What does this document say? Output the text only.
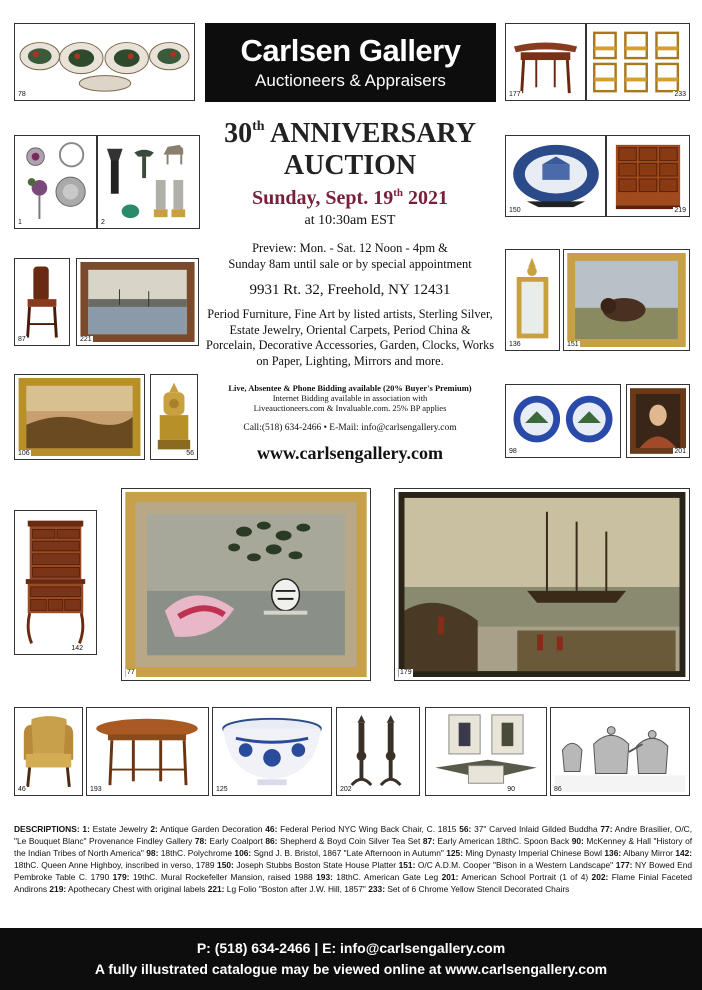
Carlsen Gallery
Auctioneers & Appraisers
30th ANNIVERSARY
AUCTION
Sunday, Sept. 19th 2021
at 10:30am EST
Preview: Mon. - Sat. 12 Noon - 4pm &
Sunday 8am until sale or by special appointment
9931 Rt. 32, Freehold, NY 12431
Period Furniture, Fine Art by listed artists, Sterling Silver, Estate Jewelry, Oriental Carpets, Period China & Porcelain, Decorative Accessories, Garden, Clocks, Works on Paper, Lighting, Mirrors and more.
Live, Absentee & Phone Bidding available (20% Buyer's Premium)
Internet Bidding available in association with
Liveauctioneers.com & Invaluable.com. 25% BP applies
Call:(518) 634-2466 • E-Mail: info@carlsengallery.com
www.carlsengallery.com
78	177	233
1	2
150	219
87	221
136	151
106	56	98	201
142
77	179
46	193	125	202	90	86
DESCRIPTIONS: 1: Estate Jewelry 2: Antique Garden Decoration 46: Federal Period NYC Wing Back Chair, C. 1815 56: 37" Carved Inlaid Gilded Buddha 77: Andre Brasilier, O/C, "Le Bouquet Blanc" Provenance Findley Gallery 78: Early Coalport 86: Shepherd & Boyd Coin Silver Tea Set 87: Early American 18thC. Spoon Back 90: McKenney & Hall "History of the Indian Tribes of North America" 98: 18thC. Polychrome 106: Sgnd J. B. Bristol, 1867 "Late Afternoon in Autumn" 125: Ming Dynasty Imperial Chinese Bowl 136: Albany Mirror 142: 18thC. Queen Anne Highboy, inscribed in verso, 1789 150: Joseph Stubbs Boston State House Platter 151: O/C A.D.M. Cooper "Bison in a Western Landscape" 177: NY Bowed End Pembroke Table C. 1790 179: 19thC. Mural Rockefeller Mansion, raised 1988 193: 18thC. American Gate Leg 201: American School Portrait (1 of 4) 202: Flame Finial Faceted Andirons 219: Apothecary Chest with original labels 221: Lg Folio "Boston after J.W. Hill, 1857" 233: Set of 6 Chrome Yellow Stencil Decorated Chairs
P: (518) 634-2466 | E: info@carlsengallery.com
A fully illustrated catalogue may be viewed online at www.carlsengallery.com
